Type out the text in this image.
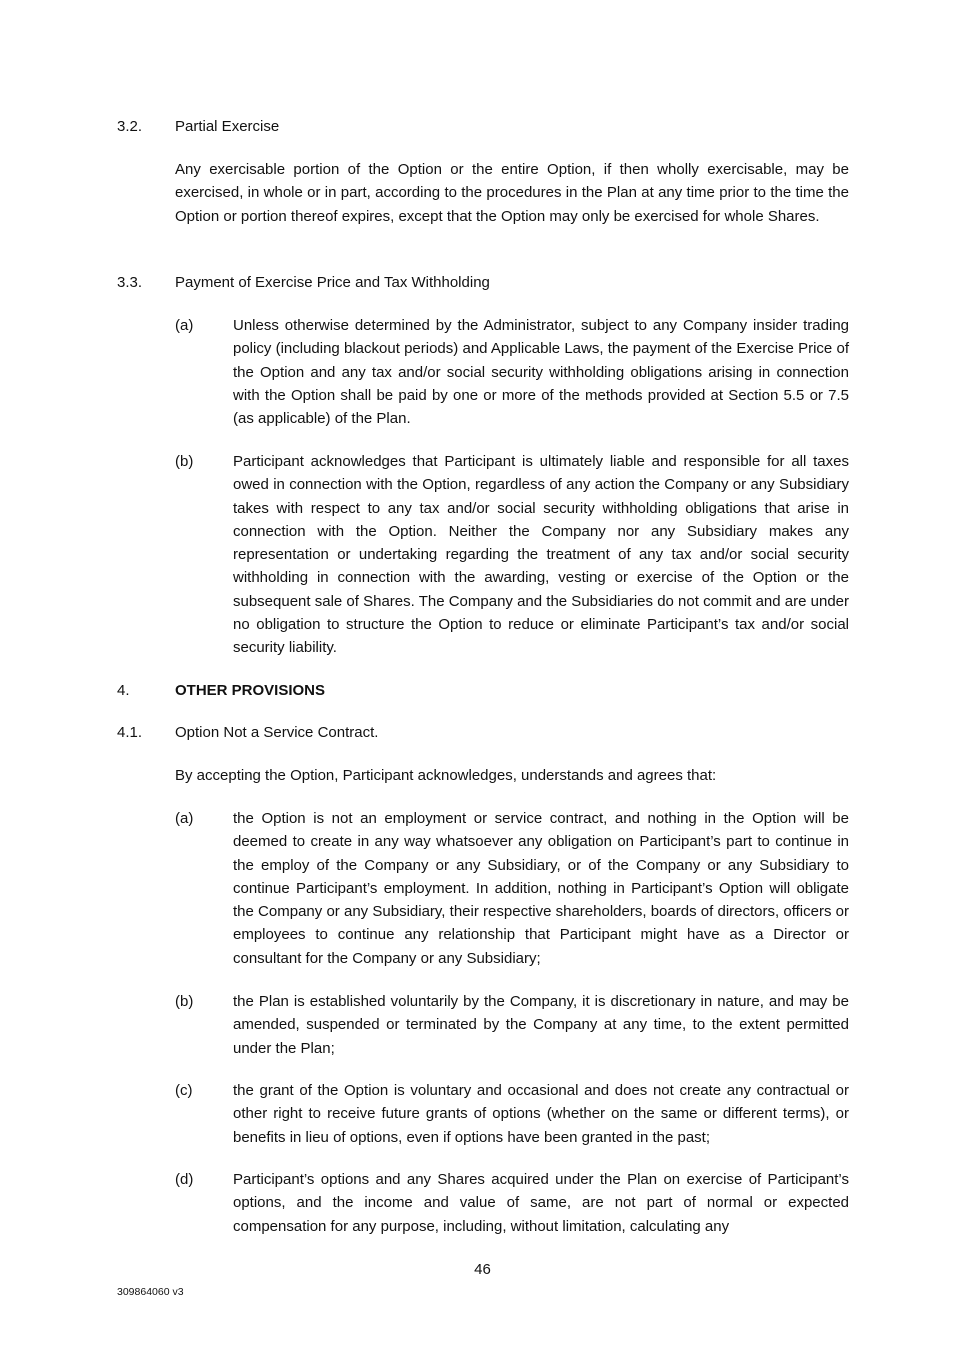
3.2. Partial Exercise
Any exercisable portion of the Option or the entire Option, if then wholly exercisable, may be exercised, in whole or in part, according to the procedures in the Plan at any time prior to the time the Option or portion thereof expires, except that the Option may only be exercised for whole Shares.
3.3. Payment of Exercise Price and Tax Withholding
(a)	Unless otherwise determined by the Administrator, subject to any Company insider trading policy (including blackout periods) and Applicable Laws, the payment of the Exercise Price of the Option and any tax and/or social security withholding obligations arising in connection with the Option shall be paid by one or more of the methods provided at Section 5.5 or 7.5 (as applicable) of the Plan.
(b)	Participant acknowledges that Participant is ultimately liable and responsible for all taxes owed in connection with the Option, regardless of any action the Company or any Subsidiary takes with respect to any tax and/or social security withholding obligations that arise in connection with the Option. Neither the Company nor any Subsidiary makes any representation or undertaking regarding the treatment of any tax and/or social security withholding in connection with the awarding, vesting or exercise of the Option or the subsequent sale of Shares. The Company and the Subsidiaries do not commit and are under no obligation to structure the Option to reduce or eliminate Participant’s tax and/or social security liability.
4.	OTHER PROVISIONS
4.1. Option Not a Service Contract.
By accepting the Option, Participant acknowledges, understands and agrees that:
(a)	the Option is not an employment or service contract, and nothing in the Option will be deemed to create in any way whatsoever any obligation on Participant’s part to continue in the employ of the Company or any Subsidiary, or of the Company or any Subsidiary to continue Participant’s employment. In addition, nothing in Participant’s Option will obligate the Company or any Subsidiary, their respective shareholders, boards of directors, officers or employees to continue any relationship that Participant might have as a Director or consultant for the Company or any Subsidiary;
(b)	the Plan is established voluntarily by the Company, it is discretionary in nature, and may be amended, suspended or terminated by the Company at any time, to the extent permitted under the Plan;
(c)	the grant of the Option is voluntary and occasional and does not create any contractual or other right to receive future grants of options (whether on the same or different terms), or benefits in lieu of options, even if options have been granted in the past;
(d)	Participant’s options and any Shares acquired under the Plan on exercise of Participant’s options, and the income and value of same, are not part of normal or expected compensation for any purpose, including, without limitation, calculating any
46
309864060 v3
